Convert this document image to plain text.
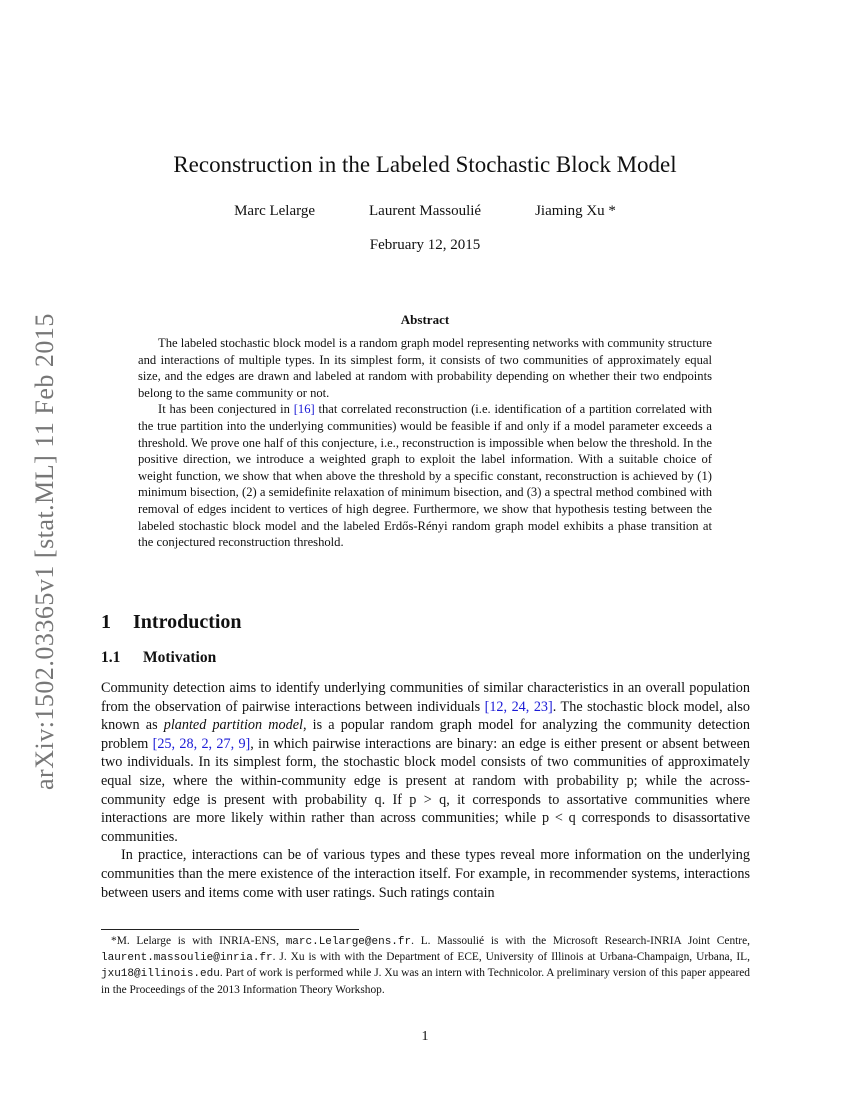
arXiv:1502.03365v1 [stat.ML] 11 Feb 2015
Reconstruction in the Labeled Stochastic Block Model
Marc Lelarge	Laurent Massoulié	Jiaming Xu *
February 12, 2015
Abstract

The labeled stochastic block model is a random graph model representing networks with community structure and interactions of multiple types. In its simplest form, it consists of two communities of approximately equal size, and the edges are drawn and labeled at random with probability depending on whether their two endpoints belong to the same community or not.

It has been conjectured in [16] that correlated reconstruction (i.e. identification of a partition correlated with the true partition into the underlying communities) would be feasible if and only if a model parameter exceeds a threshold. We prove one half of this conjecture, i.e., reconstruction is impossible when below the threshold. In the positive direction, we introduce a weighted graph to exploit the label information. With a suitable choice of weight function, we show that when above the threshold by a specific constant, reconstruction is achieved by (1) minimum bisection, (2) a semidefinite relaxation of minimum bisection, and (3) a spectral method combined with removal of edges incident to vertices of high degree. Furthermore, we show that hypothesis testing between the labeled stochastic block model and the labeled Erdős-Rényi random graph model exhibits a phase transition at the conjectured reconstruction threshold.

1 Introduction
1.1 Motivation

Community detection aims to identify underlying communities of similar characteristics in an overall population from the observation of pairwise interactions between individuals [12, 24, 23]. The stochastic block model, also known as planted partition model, is a popular random graph model for analyzing the community detection problem [25, 28, 2, 27, 9], in which pairwise interactions are binary: an edge is either present or absent between two individuals. In its simplest form, the stochastic block model consists of two communities of approximately equal size, where the within-community edge is present at random with probability p; while the across-community edge is present with probability q. If p > q, it corresponds to assortative communities where interactions are more likely within rather than across communities; while p < q corresponds to disassortative communities.

In practice, interactions can be of various types and these types reveal more information on the underlying communities than the mere existence of the interaction itself. For example, in recommender systems, interactions between users and items come with user ratings. Such ratings contain

*M. Lelarge is with INRIA-ENS, marc.Lelarge@ens.fr. L. Massoulié is with the Microsoft Research-INRIA Joint Centre, laurent.massoulie@inria.fr. J. Xu is with with the Department of ECE, University of Illinois at Urbana-Champaign, Urbana, IL, jxu18@illinois.edu. Part of work is performed while J. Xu was an intern with Technicolor. A preliminary version of this paper appeared in the Proceedings of the 2013 Information Theory Workshop.

1
